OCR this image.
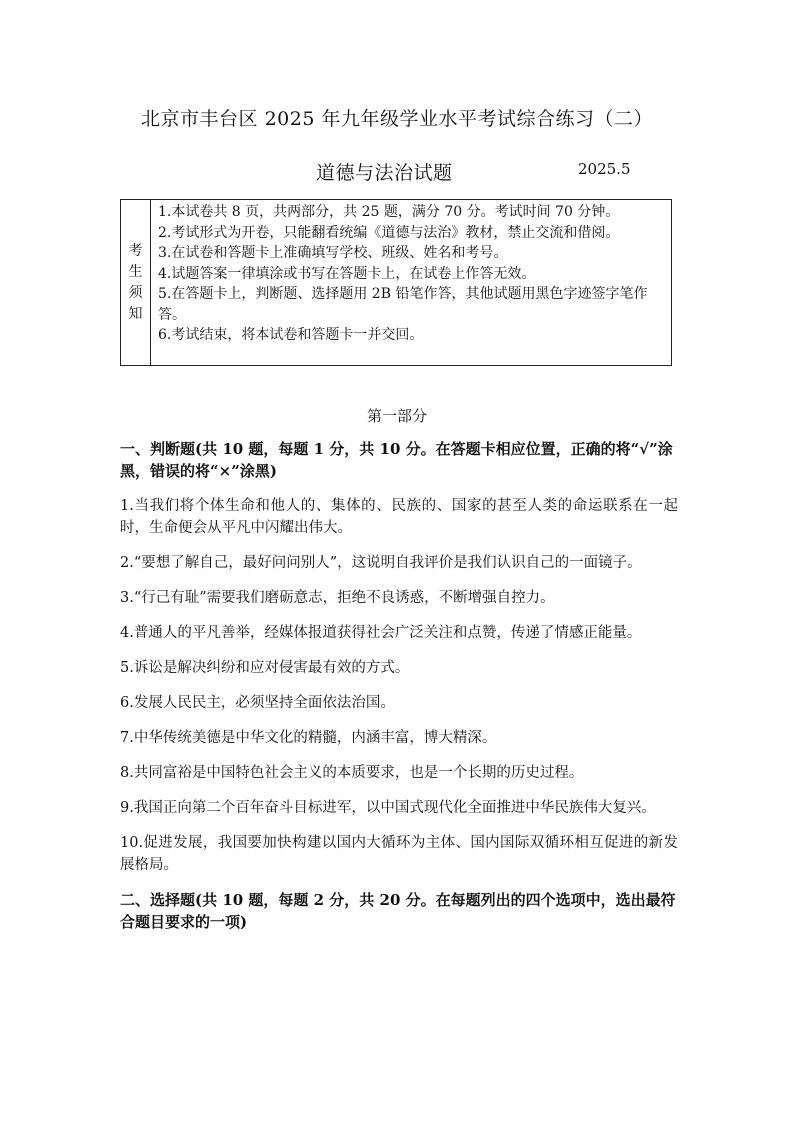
北京市丰台区 2025 年九年级学业水平考试综合练习（二）
道德与法治试题	2025.5
考
生
须
知

1.本试卷共 8 页，共两部分，共 25 题，满分 70 分。考试时间 70 分钟。

2.考试形式为开卷，只能翻看统编《道德与法治》教材，禁止交流和借阅。

3.在试卷和答题卡上准确填写学校、班级、姓名和考号。

4.试题答案一律填涂或书写在答题卡上，在试卷上作答无效。

5.在答题卡上，判断题、选择题用 2B 铅笔作答，其他试题用黑色字迹签字笔作答。

6.考试结束，将本试卷和答题卡一并交回。

第一部分

一、判断题(共 10 题，每题 1 分，共 10 分。在答题卡相应位置，正确的将“√”涂黑，错误的将“×”涂黑)

1.当我们将个体生命和他人的、集体的、民族的、国家的甚至人类的命运联系在一起时，生命便会从平凡中闪耀出伟大。

2.“要想了解自己，最好问问别人”，这说明自我评价是我们认识自己的一面镜子。

3.“行己有耻”需要我们磨砺意志，拒绝不良诱惑，不断增强自控力。

4.普通人的平凡善举，经媒体报道获得社会广泛关注和点赞，传递了情感正能量。

5.诉讼是解决纠纷和应对侵害最有效的方式。

6.发展人民民主，必须坚持全面依法治国。

7.中华传统美德是中华文化的精髓，内涵丰富，博大精深。

8.共同富裕是中国特色社会主义的本质要求，也是一个长期的历史过程。

9.我国正向第二个百年奋斗目标进军，以中国式现代化全面推进中华民族伟大复兴。

10.促进发展，我国要加快构建以国内大循环为主体、国内国际双循环相互促进的新发展格局。

二、选择题(共 10 题，每题 2 分，共 20 分。在每题列出的四个选项中，选出最符合题目要求的一项)
